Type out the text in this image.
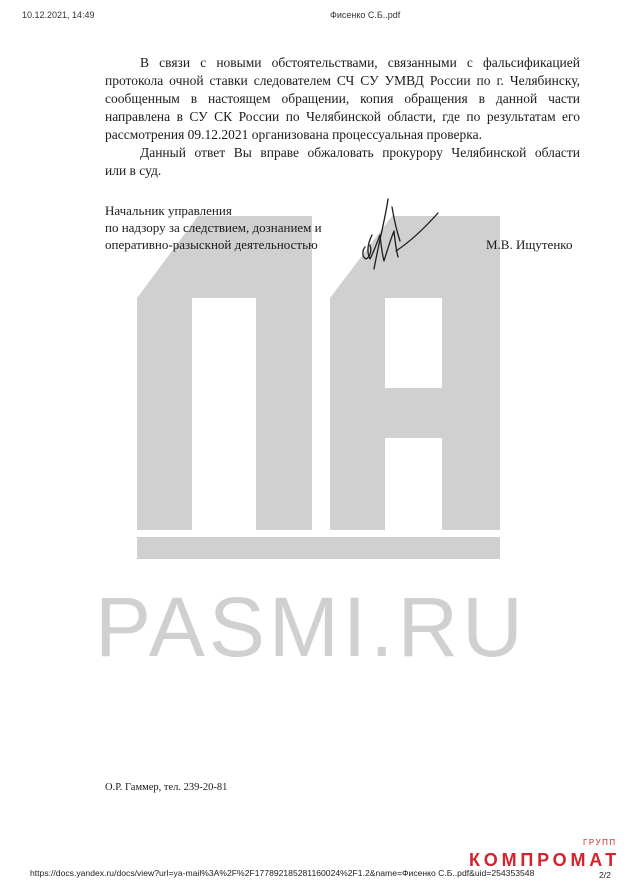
PASMI.RU
10.12.2021, 14:49	Фисенко С.Б..pdf
В связи с новыми обстоятельствами, связанными с фальсификацией
протокола очной ставки следователем СЧ СУ УМВД России по г. Челябинску,
сообщенным в настоящем обращении, копия обращения в данной части
направлена в СУ СК России по Челябинской области, где по результатам его
рассмотрения 09.12.2021 организована процессуальная проверка.
Данный ответ Вы вправе обжаловать прокурору Челябинской области
или в суд.
Начальник управления
по надзору за следствием, дознанием и
оперативно-разыскной деятельностью	М.В. Ищутенко
О.Р. Гаммер, тел. 239-20-81
https://docs.yandex.ru/docs/view?url=ya-mail%3A%2F%2F177892185281160024%2F1.2&name=Фисенко С.Б..pdf&uid=254353548	2/2
ГРУПП
КОМПРОМАТ
